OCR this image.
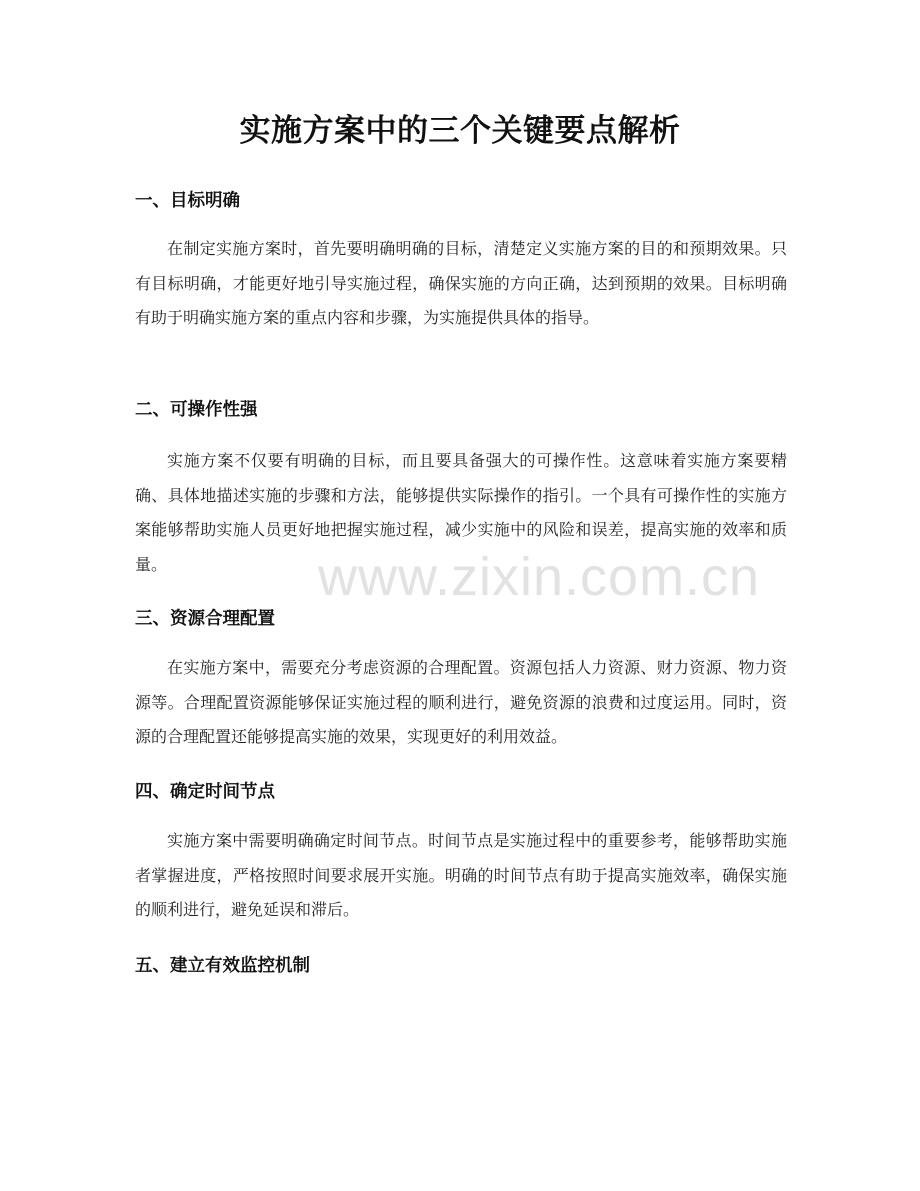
实施方案中的三个关键要点解析
一、目标明确

在制定实施方案时，首先要明确明确的目标，清楚定义实施方案的目的和预期效果。只有目标明确，才能更好地引导实施过程，确保实施的方向正确，达到预期的效果。目标明确有助于明确实施方案的重点内容和步骤，为实施提供具体的指导。

二、可操作性强

实施方案不仅要有明确的目标，而且要具备强大的可操作性。这意味着实施方案要精确、具体地描述实施的步骤和方法，能够提供实际操作的指引。一个具有可操作性的实施方案能够帮助实施人员更好地把握实施过程，减少实施中的风险和误差，提高实施的效率和质量。

三、资源合理配置

在实施方案中，需要充分考虑资源的合理配置。资源包括人力资源、财力资源、物力资源等。合理配置资源能够保证实施过程的顺利进行，避免资源的浪费和过度运用。同时，资源的合理配置还能够提高实施的效果，实现更好的利用效益。

四、确定时间节点

实施方案中需要明确确定时间节点。时间节点是实施过程中的重要参考，能够帮助实施者掌握进度，严格按照时间要求展开实施。明确的时间节点有助于提高实施效率，确保实施的顺利进行，避免延误和滞后。

五、建立有效监控机制
www.zixin.com.cn
